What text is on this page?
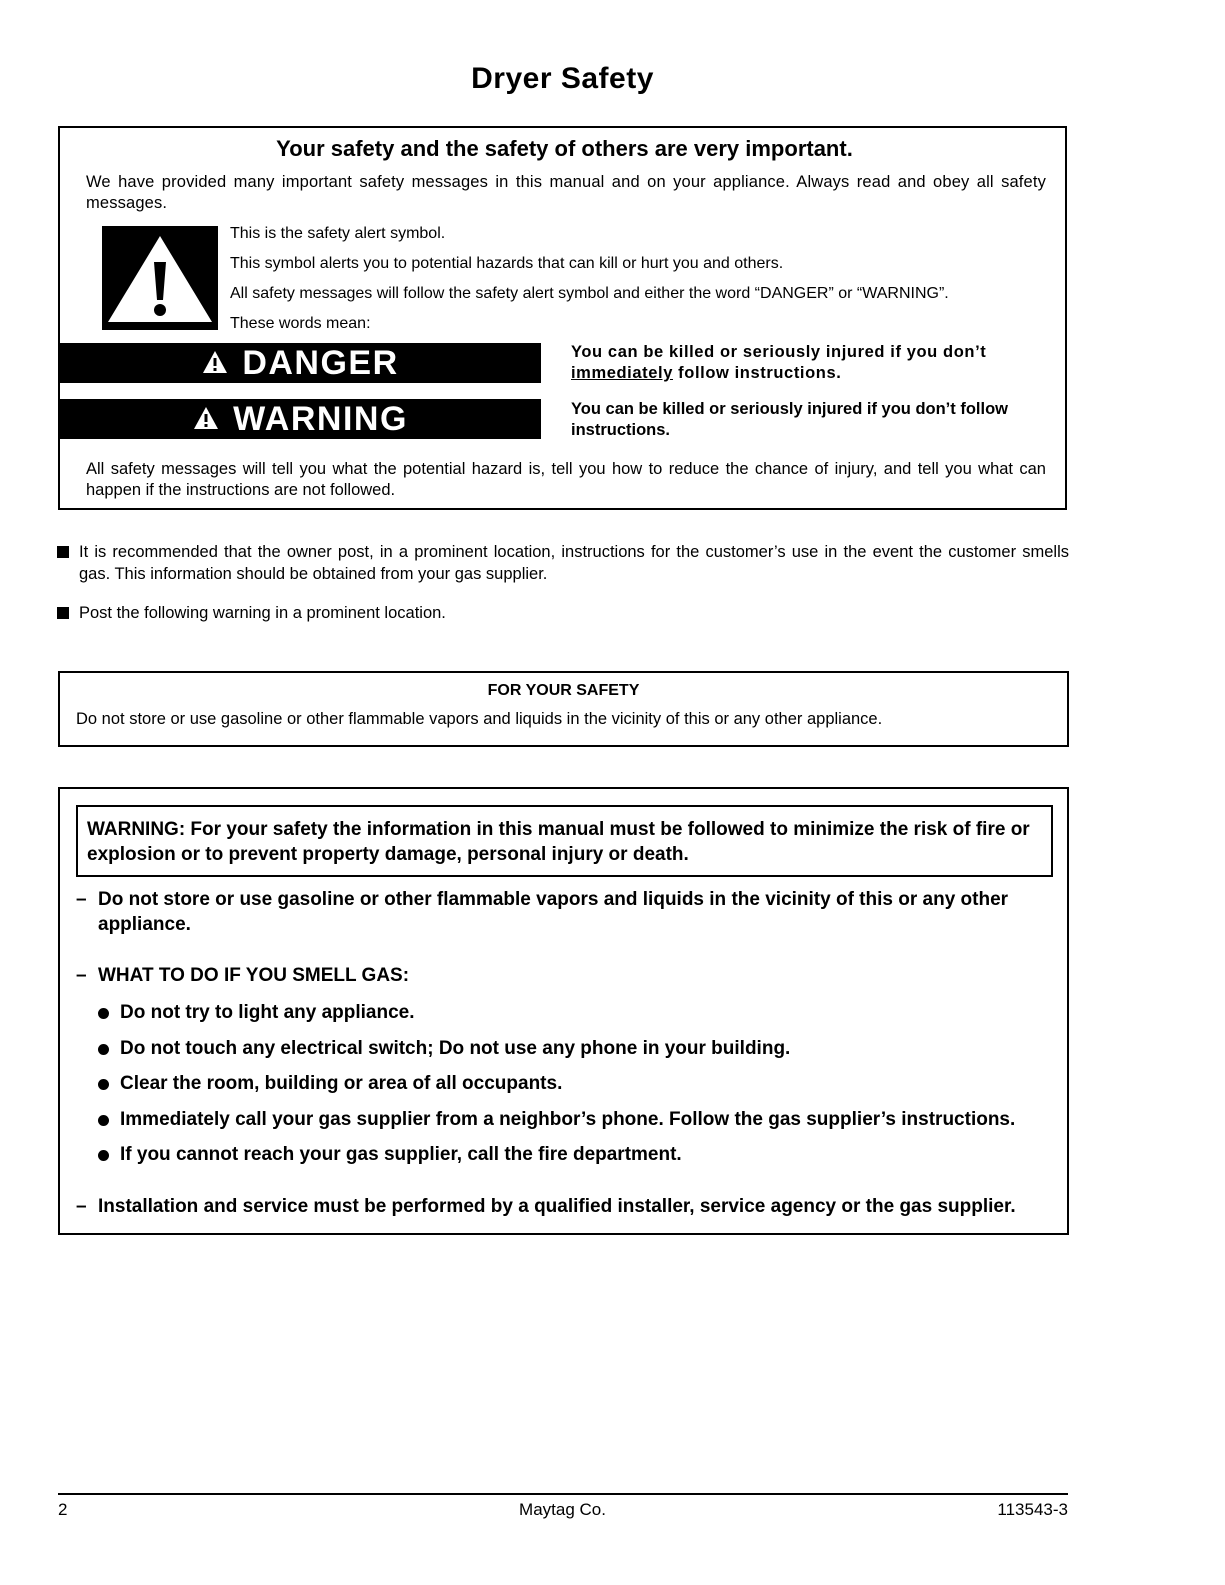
Dryer Safety
Your safety and the safety of others are very important.
We have provided many important safety messages in this manual and on your appliance. Always read and obey all safety messages.
This is the safety alert symbol.
This symbol alerts you to potential hazards that can kill or hurt you and others.
All safety messages will follow the safety alert symbol and either the word “DANGER” or “WARNING”.
These words mean:
DANGER	You can be killed or seriously injured if you don’t
immediately follow instructions.
WARNING	You can be killed or seriously injured if you don’t follow instructions.
All safety messages will tell you what the potential hazard is, tell you how to reduce the chance of injury, and tell you what can happen if the instructions are not followed.
It is recommended that the owner post, in a prominent location, instructions for the customer’s use in the event the customer smells gas. This information should be obtained from your gas supplier.
Post the following warning in a prominent location.
FOR YOUR SAFETY
Do not store or use gasoline or other flammable vapors and liquids in the vicinity of this or any other appliance.
WARNING: For your safety the information in this manual must be followed to minimize the risk of fire or explosion or to prevent property damage, personal injury or death.
– Do not store or use gasoline or other flammable vapors and liquids in the vicinity of this or any other appliance.
– WHAT TO DO IF YOU SMELL GAS:
Do not try to light any appliance.
Do not touch any electrical switch; Do not use any phone in your building.
Clear the room, building or area of all occupants.
Immediately call your gas supplier from a neighbor’s phone. Follow the gas supplier’s instructions.
If you cannot reach your gas supplier, call the fire department.
– Installation and service must be performed by a qualified installer, service agency or the gas supplier.
2	Maytag Co.	113543-3
